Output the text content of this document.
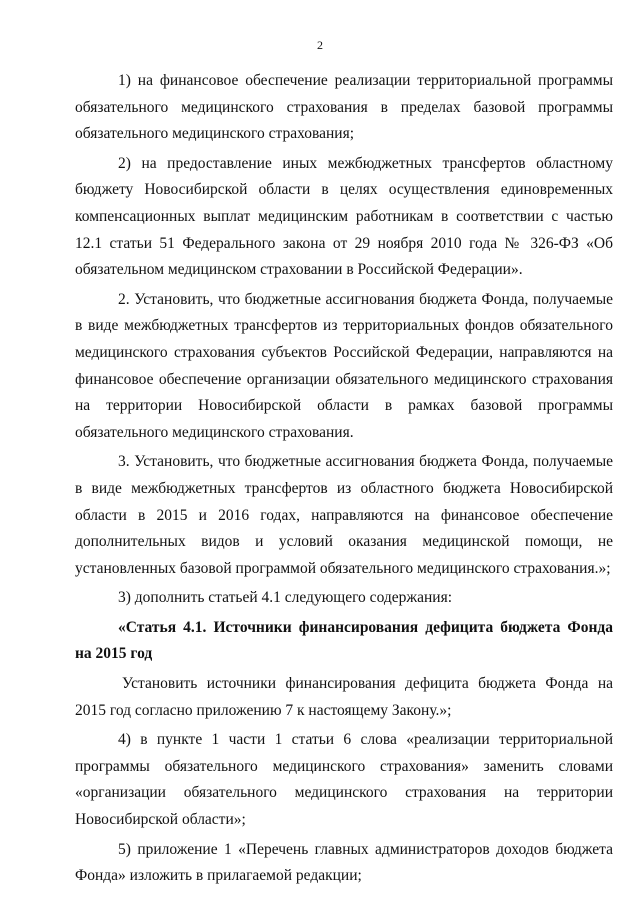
2

1) на финансовое обеспечение реализации территориальной программы обязательного медицинского страхования в пределах базовой программы обязательного медицинского страхования;

2) на предоставление иных межбюджетных трансфертов областному бюджету Новосибирской области в целях осуществления единовременных компенсационных выплат медицинским работникам в соответствии с частью 12.1 статьи 51 Федерального закона от 29 ноября 2010 года № 326-ФЗ «Об обязательном медицинском страховании в Российской Федерации».

2. Установить, что бюджетные ассигнования бюджета Фонда, получаемые в виде межбюджетных трансфертов из территориальных фондов обязательного медицинского страхования субъектов Российской Федерации, направляются на финансовое обеспечение организации обязательного медицинского страхования на территории Новосибирской области в рамках базовой программы обязательного медицинского страхования.

3. Установить, что бюджетные ассигнования бюджета Фонда, получаемые в виде межбюджетных трансфертов из областного бюджета Новосибирской области в 2015 и 2016 годах, направляются на финансовое обеспечение дополнительных видов и условий оказания медицинской помощи, не установленных базовой программой обязательного медицинского страхования.»;

3) дополнить статьей 4.1 следующего содержания:

«Статья 4.1. Источники финансирования дефицита бюджета Фонда на 2015 год

Установить источники финансирования дефицита бюджета Фонда на 2015 год согласно приложению 7 к настоящему Закону.»;

4) в пункте 1 части 1 статьи 6 слова «реализации территориальной программы обязательного медицинского страхования» заменить словами «организации обязательного медицинского страхования на территории Новосибирской области»;

5) приложение 1 «Перечень главных администраторов доходов бюджета Фонда» изложить в прилагаемой редакции;
